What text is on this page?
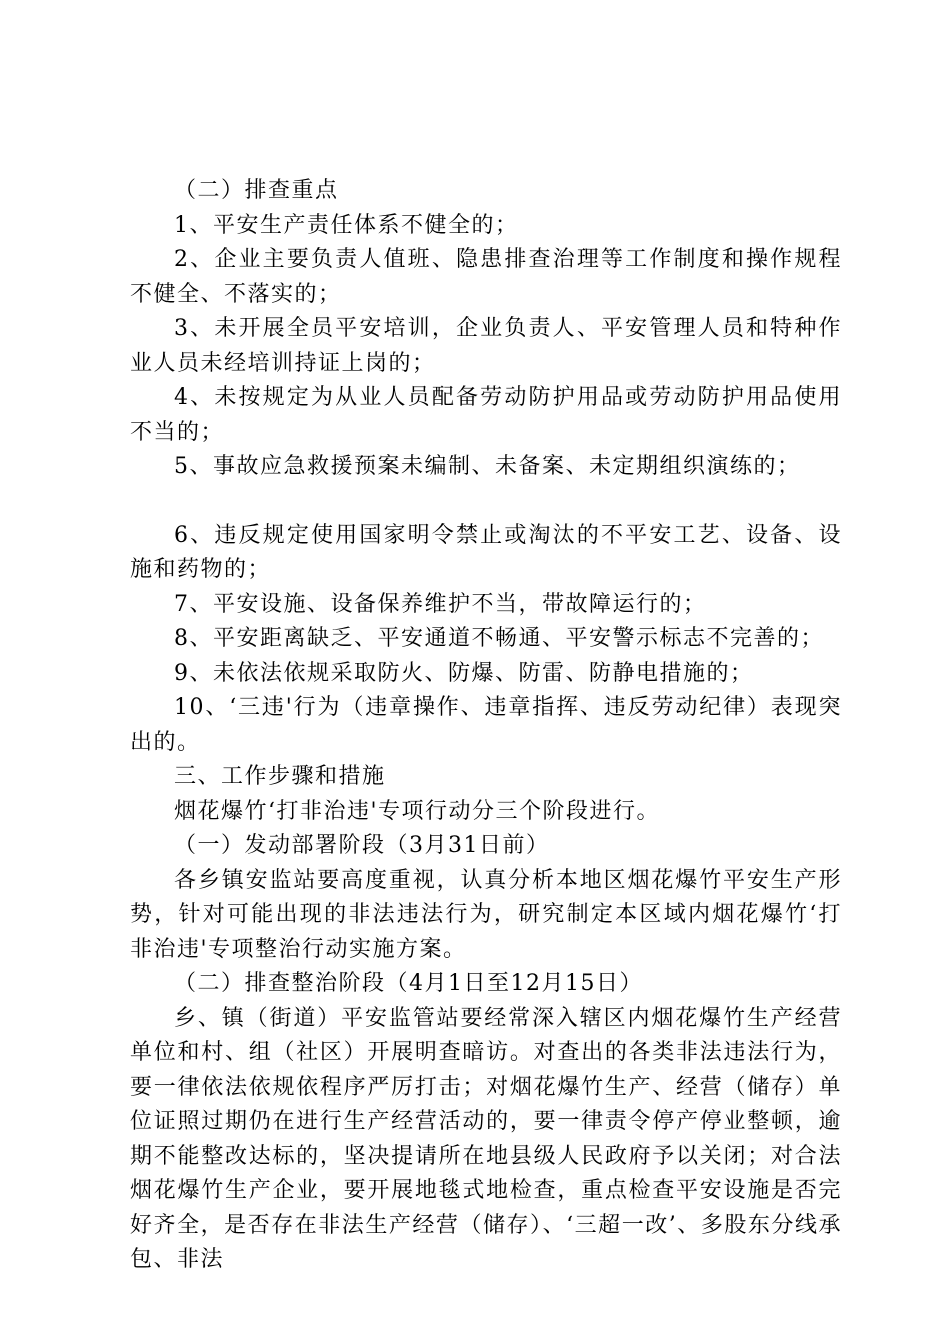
（二）排查重点

1、平安生产责任体系不健全的；

2、企业主要负责人值班、隐患排查治理等工作制度和操作规程不健全、不落实的；

3、未开展全员平安培训，企业负责人、平安管理人员和特种作业人员未经培训持证上岗的；

4、未按规定为从业人员配备劳动防护用品或劳动防护用品使用不当的；

5、事故应急救援预案未编制、未备案、未定期组织演练的；

6、违反规定使用国家明令禁止或淘汰的不平安工艺、设备、设施和药物的；

7、平安设施、设备保养维护不当，带故障运行的；

8、平安距离缺乏、平安通道不畅通、平安警示标志不完善的；

9、未依法依规采取防火、防爆、防雷、防静电措施的；

10、‘三违'行为（违章操作、违章指挥、违反劳动纪律）表现突出的。

三、工作步骤和措施

烟花爆竹‘打非治违'专项行动分三个阶段进行。

（一）发动部署阶段（3月31日前）

各乡镇安监站要高度重视，认真分析本地区烟花爆竹平安生产形势，针对可能出现的非法违法行为，研究制定本区域内烟花爆竹‘打非治违'专项整治行动实施方案。

（二）排查整治阶段（4月1日至12月15日）

乡、镇（街道）平安监管站要经常深入辖区内烟花爆竹生产经营单位和村、组（社区）开展明查暗访。对查出的各类非法违法行为，要一律依法依规依程序严厉打击；对烟花爆竹生产、经营（储存）单位证照过期仍在进行生产经营活动的，要一律责令停产停业整顿，逾期不能整改达标的，坚决提请所在地县级人民政府予以关闭；对合法烟花爆竹生产企业，要开展地毯式地检查，重点检查平安设施是否完好齐全，是否存在非法生产经营（储存）、‘三超一改’、多股东分线承包、非法
